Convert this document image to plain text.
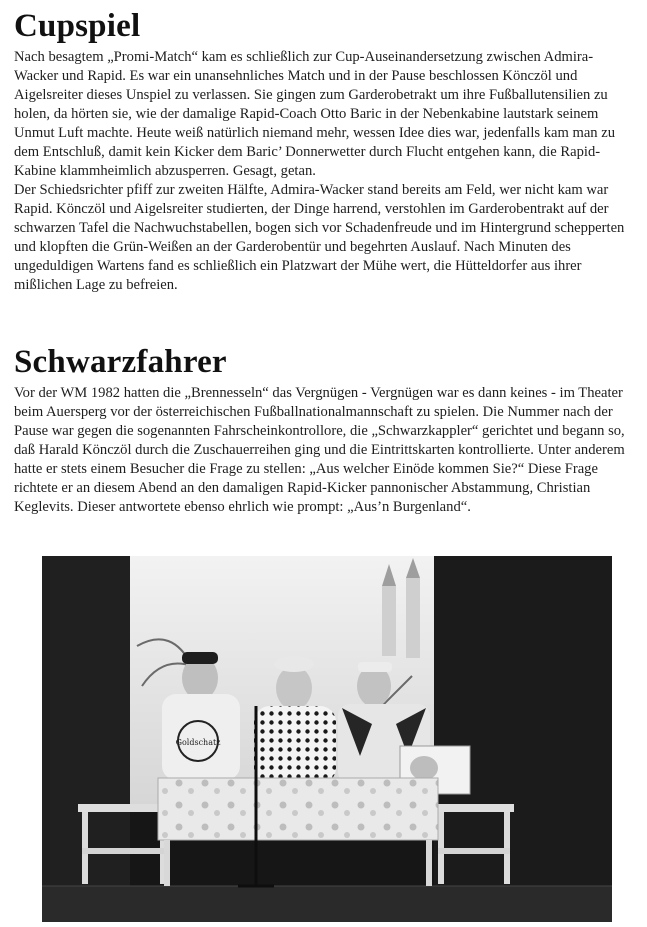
Cupspiel

Nach besagtem „Promi-Match“ kam es schließlich zur Cup-Auseinandersetzung zwischen Admira-Wacker und Rapid. Es war ein unansehnliches Match und in der Pause beschlossen Könczöl und Aigelsreiter dieses Unspiel zu verlassen. Sie gingen zum Garderobetrakt um ihre Fußballutensilien zu holen, da hörten sie, wie der damalige Rapid-Coach Otto Baric in der Nebenkabine lautstark seinem Unmut Luft machte. Heute weiß natürlich niemand mehr, wessen Idee dies war, jedenfalls kam man zu dem Entschluß, damit kein Kicker dem Baric’ Donnerwetter durch Flucht entgehen kann, die Rapid-Kabine klammheimlich abzusperren. Gesagt, getan.

Der Schiedsrichter pfiff zur zweiten Hälfte, Admira-Wacker stand bereits am Feld, wer nicht kam war Rapid. Könczöl und Aigelsreiter studierten, der Dinge harrend, verstohlen im Garderobentrakt auf der schwarzen Tafel die Nachwuchstabellen, bogen sich vor Schadenfreude und im Hintergrund schepperten und klopften die Grün-Weißen an der Garderobentür und begehrten Auslauf. Nach Minuten des ungeduldigen Wartens fand es schließlich ein Platzwart der Mühe wert, die Hütteldorfer aus ihrer mißlichen Lage zu befreien.

Schwarzfahrer

Vor der WM 1982 hatten die „Brennesseln“ das Vergnügen - Vergnügen war es dann keines - im Theater beim Auersperg vor der österreichischen Fußballnationalmannschaft zu spielen. Die Nummer nach der Pause war gegen die sogenannten Fahrscheinkontrollore, die „Schwarzkappler“ gerichtet und begann so, daß Harald Könczöl durch die Zuschauerreihen ging und die Eintrittskarten kontrollierte. Unter anderem hatte er stets einem Besucher die Frage zu stellen: „Aus welcher Einöde kommen Sie?“ Diese Frage richtete er an diesem Abend an den damaligen Rapid-Kicker pannonischer Abstammung, Christian Keglevits. Dieser antwortete ebenso ehrlich wie prompt: „Aus’n Burgenland“.

Goldschatz
